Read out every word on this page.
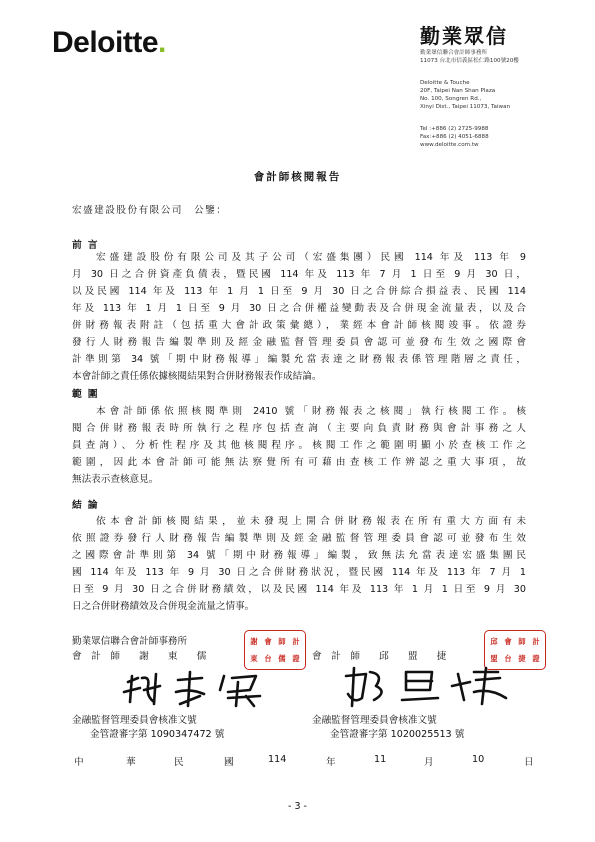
Deloitte.	勤業眾信
勤業眾信聯合會計師事務所
11073 台北市信義區松仁路100號20樓
Deloitte & Touche
20F, Taipei Nan Shan Plaza
No. 100, Songren Rd.,
Xinyi Dist., Taipei 11073, Taiwan
Tel :+886 (2) 2725-9988
Fax:+886 (2) 4051-6888
www.deloitte.com.tw
會計師核閱報告
宏盛建設股份有限公司　公鑒：
前言
宏盛建設股份有限公司及其子公司（宏盛集團）民國 114 年及 113 年 9
月 30 日之合併資產負債表，暨民國 114 年及 113 年 7 月 1 日至 9 月 30 日，
以及民國 114 年及 113 年 1 月 1 日至 9 月 30 日之合併綜合損益表、民國 114
年及 113 年 1 月 1 日至 9 月 30 日之合併權益變動表及合併現金流量表，以及合
併財務報表附註（包括重大會計政策彙總），業經本會計師核閱竣事。依證券
發行人財務報告編製準則及經金融監督管理委員會認可並發布生效之國際會
計準則第 34 號「期中財務報導」編製允當表達之財務報表係管理階層之責任，
本會計師之責任係依據核閱結果對合併財務報表作成結論。
範圍
本會計師係依照核閱準則 2410 號「財務報表之核閱」執行核閱工作。核
閱合併財務報表時所執行之程序包括查詢（主要向負責財務與會計事務之人
員查詢）、分析性程序及其他核閱程序。核閱工作之範圍明顯小於查核工作之
範圍，因此本會計師可能無法察覺所有可藉由查核工作辨認之重大事項，故
無法表示查核意見。
結論
依本會計師核閱結果，並未發現上開合併財務報表在所有重大方面有未
依照證券發行人財務報告編製準則及經金融監督管理委員會認可並發布生效
之國際會計準則第 34 號「期中財務報導」編製，致無法允當表達宏盛集團民
國 114 年及 113 年 9 月 30 日之合併財務狀況，暨民國 114 年及 113 年 7 月 1
日至 9 月 30 日之合併財務績效，以及民國 114 年及 113 年 1 月 1 日至 9 月 30
日之合併財務績效及合併現金流量之情事。
勤業眾信聯合會計師事務所
會　計　師　　謝　　東　　儒	會　計　師　　邱　　盟　　捷
謝 會 師 計
東 台 儒 證
邱 會 師 計
盟 台 捷 證
金融監督管理委員會核准文號	金融監督管理委員會核准文號
金管證審字第 1090347472 號	金管證審字第 1020025513 號
中	華	民	國	114	年	11	月	10	日
- 3 -
